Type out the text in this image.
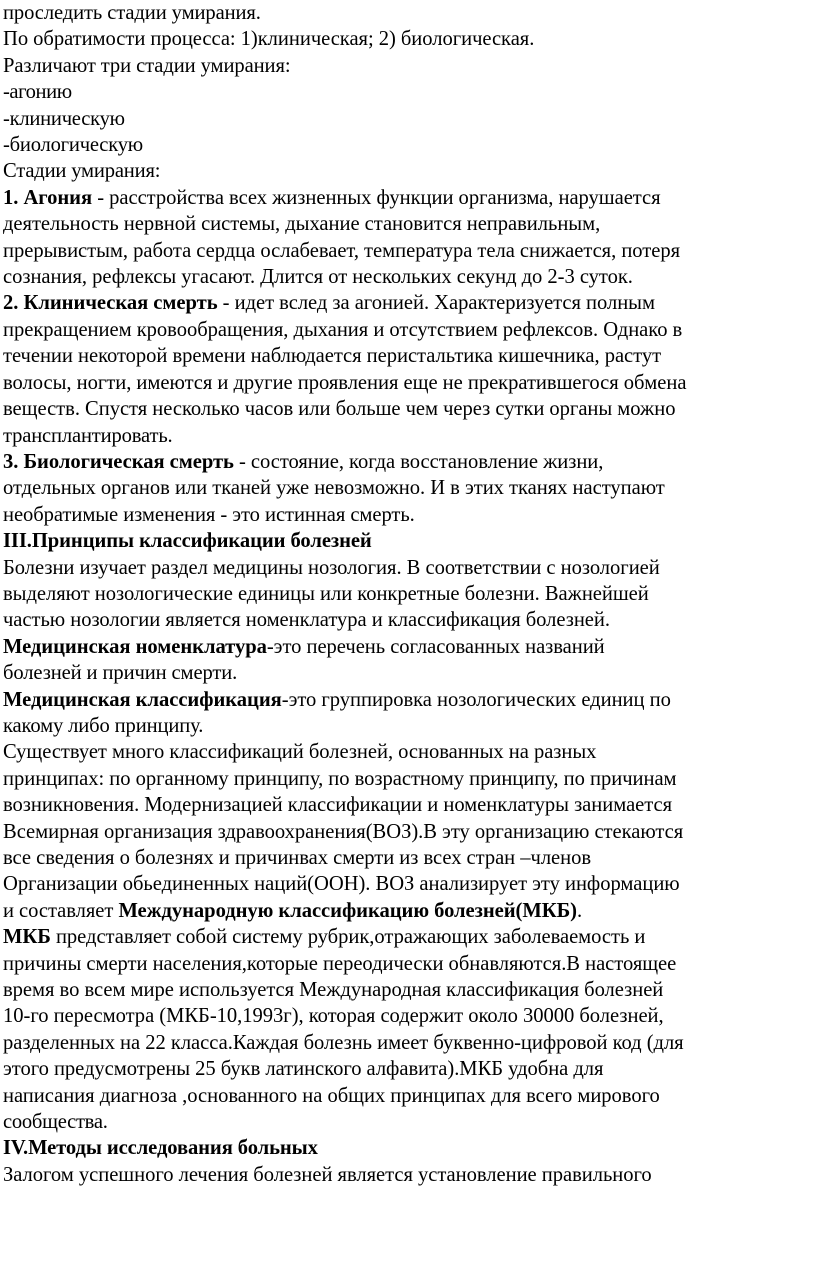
проследить стадии умирания.
По обратимости процесса: 1)клиническая; 2) биологическая.
Различают три стадии умирания:
-агонию
-клиническую
-биологическую
Стадии умирания:
1. Агония - расстройства всех жизненных функции организма, нарушается
деятельность нервной системы, дыхание становится неправильным,
прерывистым, работа сердца ослабевает, температура тела снижается, потеря
сознания, рефлексы угасают. Длится от нескольких секунд до 2-3 суток.
2. Клиническая смерть - идет вслед за агонией. Характеризуется полным
прекращением кровообращения, дыхания и отсутствием рефлексов. Однако в
течении некоторой времени наблюдается перистальтика кишечника, растут
волосы, ногти, имеются и другие проявления еще не прекратившегося обмена
веществ. Спустя несколько часов или больше чем через сутки органы можно
трансплантировать.
3. Биологическая смерть - состояние, когда восстановление жизни,
отдельных органов или тканей уже невозможно. И в этих тканях наступают
необратимые изменения - это истинная смерть.
III.Принципы классификации болезней
Болезни изучает раздел медицины нозология. В соответствии с нозологией
выделяют нозологические единицы или конкретные болезни. Важнейшей
частью нозологии является номенклатура и классификация болезней.
Медицинская номенклатура-это перечень согласованных названий
болезней и причин смерти.
Медицинская классификация-это группировка нозологических единиц по
какому либо принципу.
Существует много классификаций болезней, основанных на разных
принципах: по органному принципу, по возрастному принципу, по причинам
возникновения. Модернизацией классификации и номенклатуры занимается
Всемирная организация здравоохранения(ВОЗ).В эту организацию стекаются
все сведения о болезнях и причинвах смерти из всех стран –членов
Организации обьединенных наций(ООН). ВОЗ анализирует эту информацию
и составляет Международную классификацию болезней(МКБ).
МКБ представляет собой систему рубрик,отражающих заболеваемость и
причины смерти населения,которые переодически обнавляются.В настоящее
время во всем мире используется Международная классификация болезней
10-го пересмотра (МКБ-10,1993г), которая содержит около 30000 болезней,
разделенных на 22 класса.Каждая болезнь имеет буквенно-цифровой код (для
этого предусмотрены 25 букв латинского алфавита).МКБ удобна для
написания диагноза ,основанного на общих принципах для всего мирового
сообщества.
IV.Методы исследования больных
Залогом успешного лечения болезней является установление правильного
